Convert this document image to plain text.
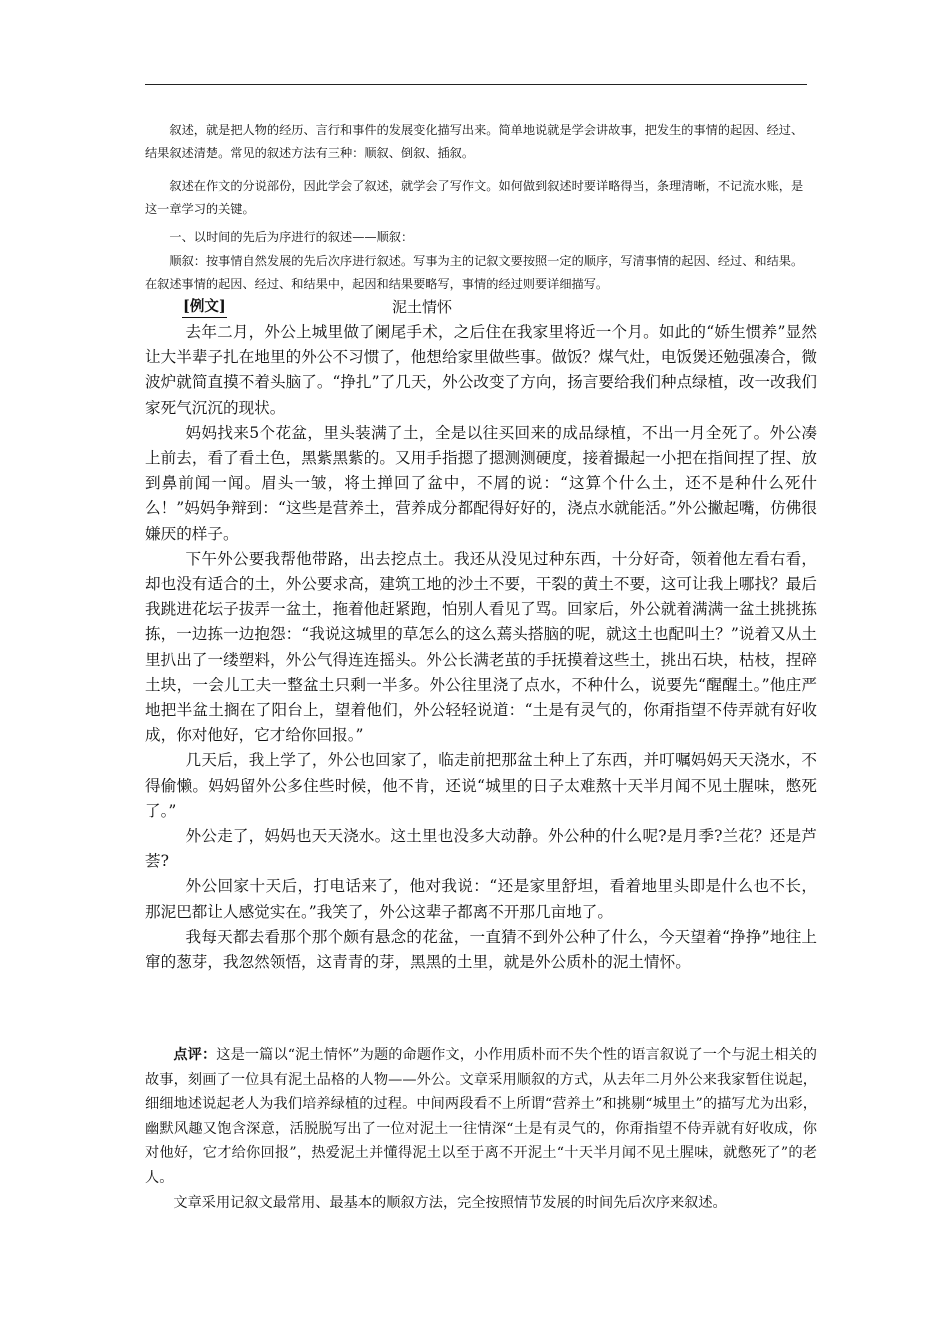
叙述，就是把人物的经历、言行和事件的发展变化描写出来。简单地说就是学会讲故事，把发生的事情的起因、经过、结果叙述清楚。常见的叙述方法有三种：顺叙、倒叙、插叙。

叙述在作文的分说部份，因此学会了叙述，就学会了写作文。如何做到叙述时要详略得当，条理清晰，不记流水账，是这一章学习的关键。

一、以时间的先后为序进行的叙述——顺叙：

顺叙：按事情自然发展的先后次序进行叙述。写事为主的记叙文要按照一定的顺序，写清事情的起因、经过、和结果。在叙述事情的起因、经过、和结果中，起因和结果要略写，事情的经过则要详细描写。

[例文]	泥土情怀

去年二月，外公上城里做了阑尾手术，之后住在我家里将近一个月。如此的“娇生惯养”显然让大半辈子扎在地里的外公不习惯了，他想给家里做些事。做饭？煤气灶，电饭煲还勉强凑合，微波炉就简直摸不着头脑了。“挣扎”了几天，外公改变了方向，扬言要给我们种点绿植，改一改我们家死气沉沉的现状。

妈妈找来5个花盆，里头装满了土，全是以往买回来的成品绿植，不出一月全死了。外公凑上前去，看了看土色，黑紫黑紫的。又用手指摁了摁测测硬度，接着撮起一小把在指间捏了捏、放到鼻前闻一闻。眉头一皱，将土掸回了盆中，不屑的说：“这算个什么土，还不是种什么死什么！”妈妈争辩到：“这些是营养土，营养成分都配得好好的，浇点水就能活。”外公撇起嘴，仿佛很嫌厌的样子。

下午外公要我帮他带路，出去挖点土。我还从没见过种东西，十分好奇，领着他左看右看，却也没有适合的土，外公要求高，建筑工地的沙土不要，干裂的黄土不要，这可让我上哪找？最后我跳进花坛子拔弄一盆土，拖着他赶紧跑，怕别人看见了骂。回家后，外公就着满满一盆土挑挑拣拣，一边拣一边抱怨：“我说这城里的草怎么的这么蔫头搭脑的呢，就这土也配叫土？”说着又从土里扒出了一缕塑料，外公气得连连摇头。外公长满老茧的手抚摸着这些土，挑出石块，枯枝，捏碎土块，一会儿工夫一整盆土只剩一半多。外公往里浇了点水，不种什么，说要先“醒醒土。”他庄严地把半盆土搁在了阳台上，望着他们，外公轻轻说道：“土是有灵气的，你甭指望不侍弄就有好收成，你对他好，它才给你回报。”

几天后，我上学了，外公也回家了，临走前把那盆土种上了东西，并叮嘱妈妈天天浇水，不得偷懒。妈妈留外公多住些时候，他不肯，还说“城里的日子太难熬十天半月闻不见土腥味，憋死了。”

外公走了，妈妈也天天浇水。这土里也没多大动静。外公种的什么呢?是月季?兰花？还是芦荟?

外公回家十天后，打电话来了，他对我说：“还是家里舒坦，看着地里头即是什么也不长，那泥巴都让人感觉实在。”我笑了，外公这辈子都离不开那几亩地了。

我每天都去看那个那个颇有悬念的花盆，一直猜不到外公种了什么，今天望着“挣挣”地往上窜的葱芽，我忽然领悟，这青青的芽，黑黑的土里，就是外公质朴的泥土情怀。

点评：这是一篇以“泥土情怀”为题的命题作文，小作用质朴而不失个性的语言叙说了一个与泥土相关的故事，刻画了一位具有泥土品格的人物——外公。文章采用顺叙的方式，从去年二月外公来我家暂住说起，细细地述说起老人为我们培养绿植的过程。中间两段看不上所谓“营养土”和挑剔“城里土”的描写尤为出彩，幽默风趣又饱含深意，活脱脱写出了一位对泥土一往情深“土是有灵气的，你甭指望不侍弄就有好收成，你对他好，它才给你回报”，热爱泥土并懂得泥土以至于离不开泥土“十天半月闻不见土腥味，就憋死了”的老人。

文章采用记叙文最常用、最基本的顺叙方法，完全按照情节发展的时间先后次序来叙述。
